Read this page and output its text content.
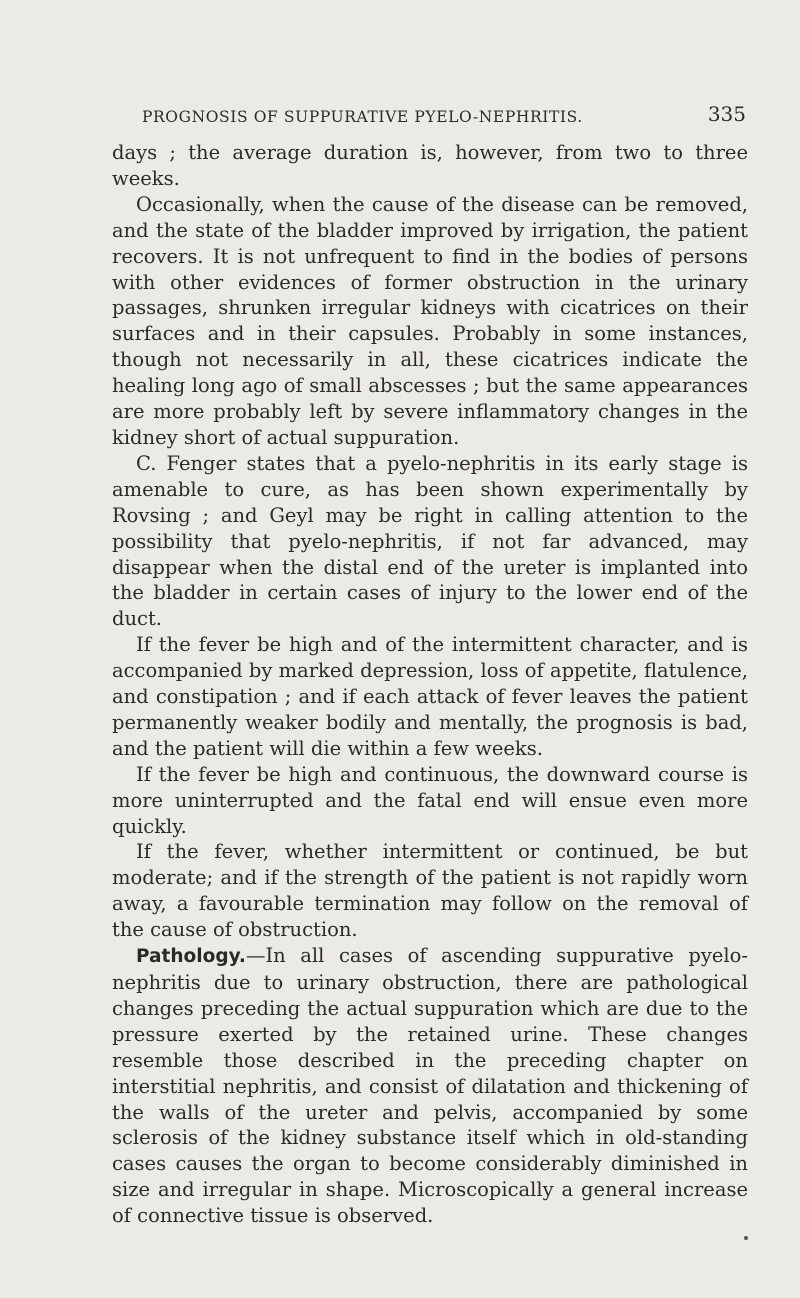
PROGNOSIS OF SUPPURATIVE PYELO-NEPHRITIS.	335

days ; the average duration is, however, from two to three weeks.

Occasionally, when the cause of the disease can be removed, and the state of the bladder improved by irrigation, the patient recovers. It is not unfrequent to find in the bodies of persons with other evidences of former obstruction in the urinary passages, shrunken irregular kidneys with cicatrices on their surfaces and in their capsules. Probably in some instances, though not necessarily in all, these cicatrices indicate the healing long ago of small abscesses ; but the same appearances are more probably left by severe inflammatory changes in the kidney short of actual suppuration.

C. Fenger states that a pyelo-nephritis in its early stage is amenable to cure, as has been shown experimentally by Rovsing ; and Geyl may be right in calling attention to the possibility that pyelo-nephritis, if not far advanced, may disappear when the distal end of the ureter is implanted into the bladder in certain cases of injury to the lower end of the duct.

If the fever be high and of the intermittent character, and is accompanied by marked depression, loss of appetite, flatulence, and constipation ; and if each attack of fever leaves the patient permanently weaker bodily and mentally, the prognosis is bad, and the patient will die within a few weeks.

If the fever be high and continuous, the downward course is more uninterrupted and the fatal end will ensue even more quickly.

If the fever, whether intermittent or continued, be but moderate; and if the strength of the patient is not rapidly worn away, a favourable termination may follow on the removal of the cause of obstruction.

Pathology.—In all cases of ascending suppurative pyelo-nephritis due to urinary obstruction, there are pathological changes preceding the actual suppuration which are due to the pressure exerted by the retained urine. These changes resemble those described in the preceding chapter on interstitial nephritis, and consist of dilatation and thickening of the walls of the ureter and pelvis, accompanied by some sclerosis of the kidney substance itself which in old-standing cases causes the organ to become considerably diminished in size and irregular in shape. Microscopically a general increase of connective tissue is observed.
